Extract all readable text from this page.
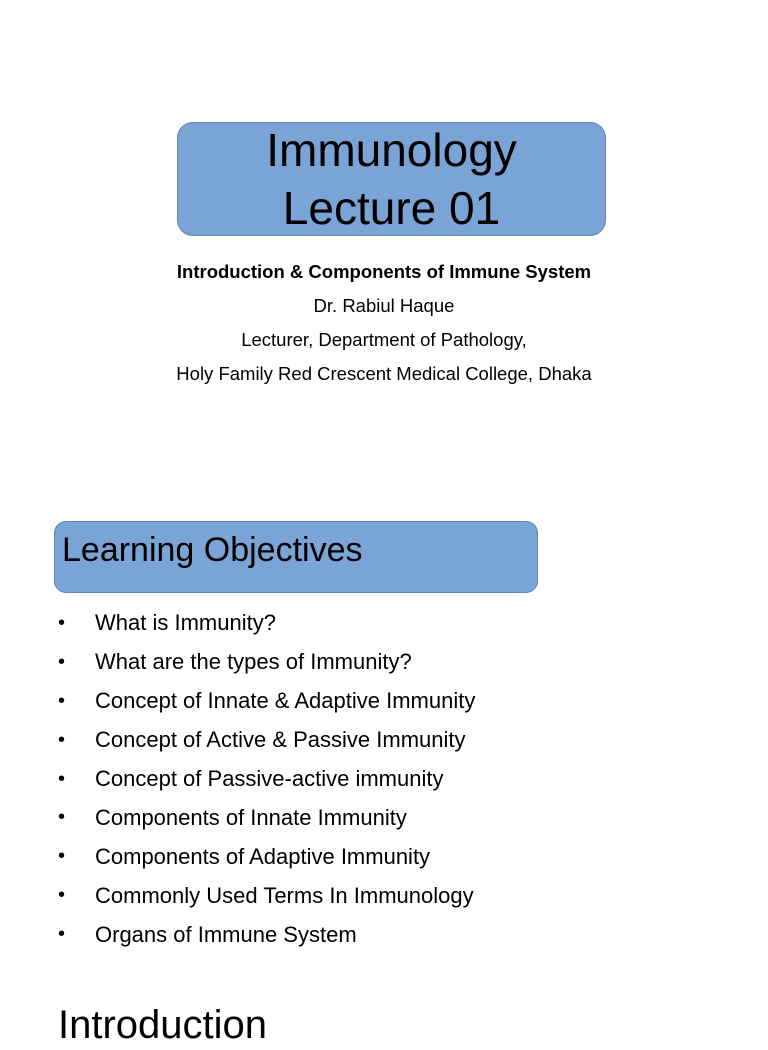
Immunology
Lecture 01
Introduction & Components of Immune System
Dr. Rabiul Haque
Lecturer, Department of Pathology,
Holy Family Red Crescent Medical College, Dhaka
Learning Objectives
•	What is Immunity?
•	What are the types of Immunity?
•	Concept of Innate & Adaptive Immunity
•	Concept of Active & Passive Immunity
•	Concept of Passive-active immunity
•	Components of Innate Immunity
•	Components of Adaptive Immunity
•	Commonly Used Terms In Immunology
•	Organs of Immune System
Introduction
